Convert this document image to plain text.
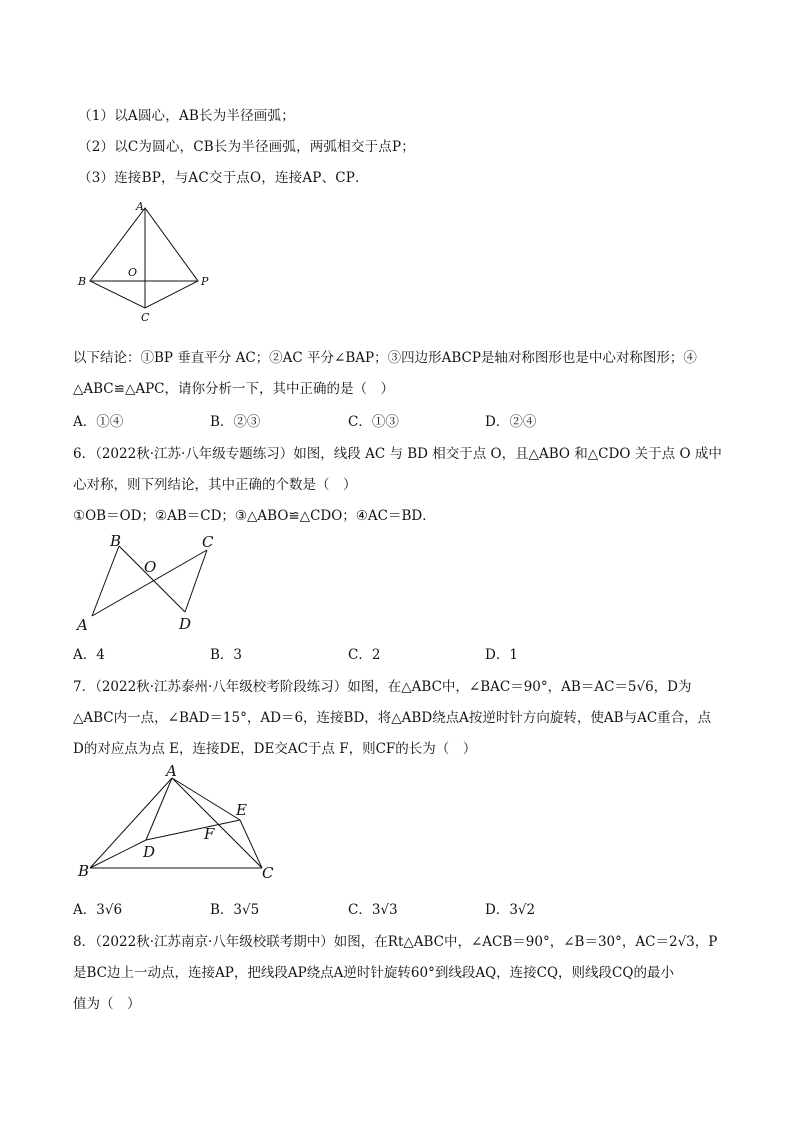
（1）以A圆心，AB长为半径画弧；
（2）以C为圆心，CB长为半径画弧，两弧相交于点P；
（3）连接BP，与AC交于点O，连接AP、CP．
A
B
O
P
C
以下结论：①BP 垂直平分 AC；②AC 平分∠BAP；③四边形ABCP是轴对称图形也是中心对称图形；④
△ABC≌△APC，请你分析一下，其中正确的是（　）
A．①④	B．②③	C．①③	D．②④
6．（2022秋·江苏·八年级专题练习）如图，线段 AC 与 BD 相交于点 O，且△ABO 和△CDO 关于点 O 成中
心对称，则下列结论，其中正确的个数是（　）
①OB＝OD；②AB＝CD；③△ABO≌△CDO；④AC＝BD．
B	C
O
A	D
A．4	B．3	C．2	D．1
7．（2022秋·江苏泰州·八年级校考阶段练习）如图，在△ABC中，∠BAC＝90°，AB＝AC＝5√6，D为
△ABC内一点，∠BAD＝15°，AD＝6，连接BD，将△ABD绕点A按逆时针方向旋转，使AB与AC重合，点
D的对应点为点 E，连接DE，DE交AC于点 F，则CF的长为（　）
A
E
F
D
B	C
A．3√6	B．3√5	C．3√3	D．3√2
8．（2022秋·江苏南京·八年级校联考期中）如图，在Rt△ABC中，∠ACB＝90°，∠B＝30°，AC＝2√3，P
是BC边上一动点，连接AP，把线段AP绕点A逆时针旋转60°到线段AQ，连接CQ，则线段CQ的最小
值为（　）
